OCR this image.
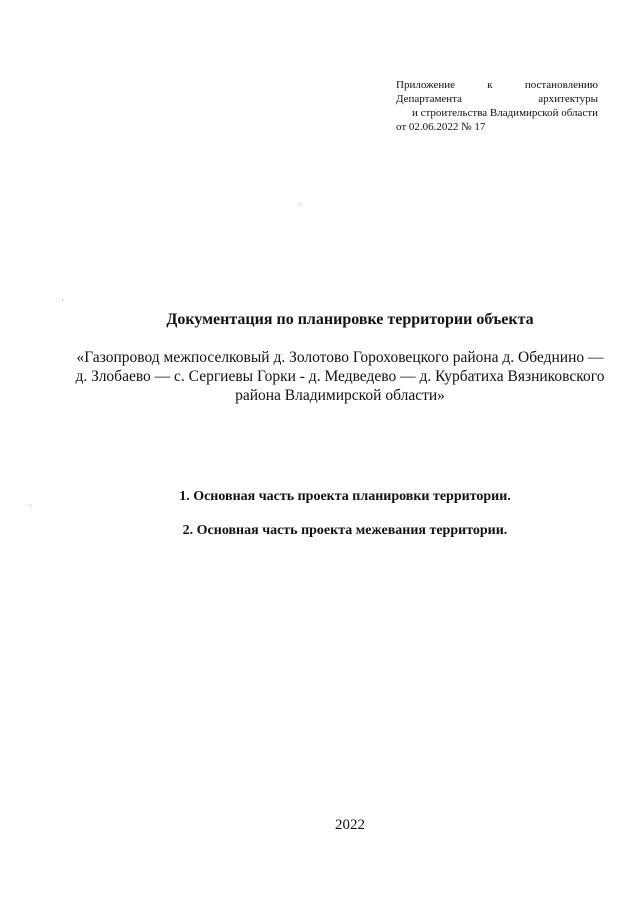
Приложение	к	постановлению
Департамента	архитектуры
и строительства Владимирской области
от 02.06.2022 № 17
Документация по планировке территории объекта
«Газопровод межпоселковый д. Золотово Гороховецкого района д. Обеднино —
д. Злобаево — с. Сергиевы Горки - д. Медведево — д. Курбатиха Вязниковского
района Владимирской области»
1. Основная часть проекта планировки территории.
2. Основная часть проекта межевания территории.
2022
